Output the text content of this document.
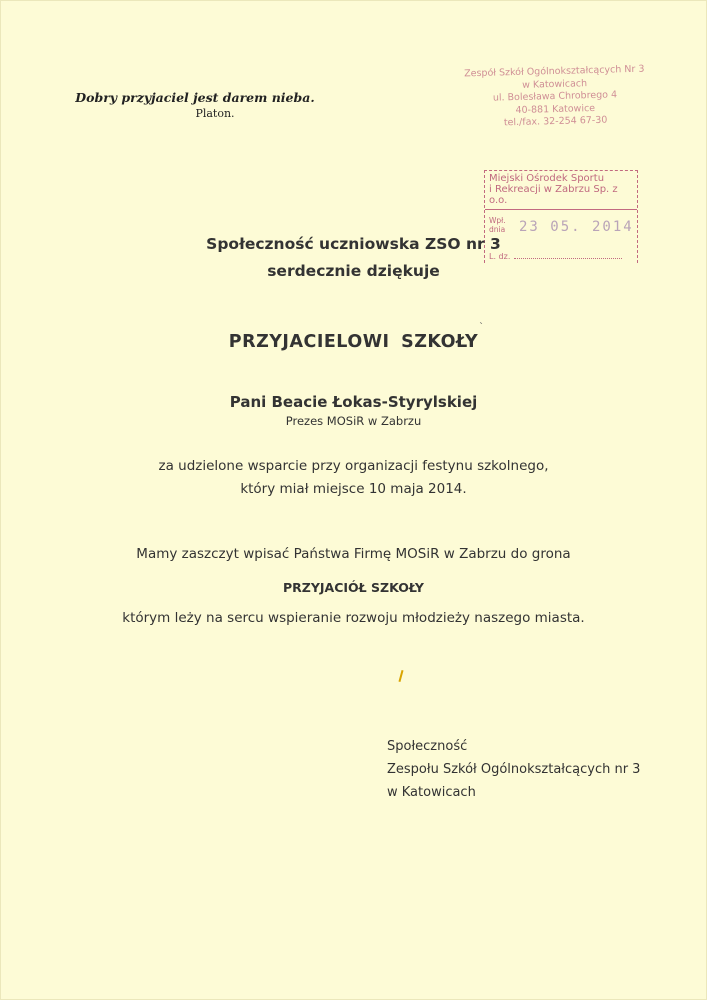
Dobry przyjaciel jest darem nieba.
Platon.
Zespół Szkół Ogólnokształcących Nr 3
w Katowicach
ul. Bolesława Chrobrego 4
40-881 Katowice
tel./fax. 32-254 67-30
Miejski Ośrodek Sportu
i Rekreacji w Zabrzu Sp. z o.o.
Wpł.
dnia 23 05. 2014
L. dz.
Społeczność uczniowska ZSO nr 3
serdecznie dziękuje
`
PRZYJACIELOWI SZKOŁY
Pani Beacie Łokas-Styrylskiej
Prezes MOSiR w Zabrzu
za udzielone wsparcie przy organizacji festynu szkolnego,
który miał miejsce 10 maja 2014.
Mamy zaszczyt wpisać Państwa Firmę MOSiR w Zabrzu do grona
PRZYJACIÓŁ SZKOŁY
którym leży na sercu wspieranie rozwoju młodzieży naszego miasta.
Społeczność
Zespołu Szkół Ogólnokształcących nr 3
w Katowicach
